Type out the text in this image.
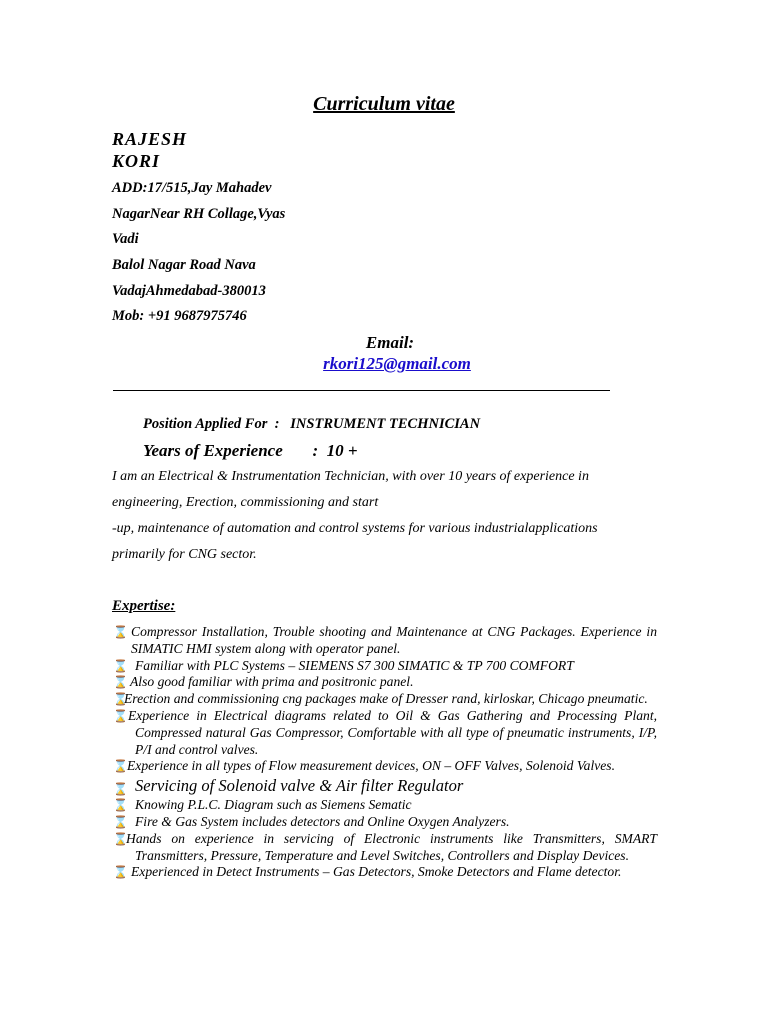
Curriculum vitae
RAJESH
KORI
ADD:17/515,Jay Mahadev
NagarNear RH Collage,Vyas
Vadi
Balol Nagar Road Nava
VadajAhmedabad-380013
Mob: +91 9687975746
Email:
rkori125@gmail.com
Position Applied For  :   INSTRUMENT TECHNICIAN
Years of Experience       :  10 +
I am an Electrical & Instrumentation Technician, with over 10 years of experience in
engineering, Erection, commissioning and start
-up, maintenance of automation and control systems for various industrialapplications
primarily for CNG sector.
Expertise:
⌛ Compressor Installation, Trouble shooting and Maintenance at CNG Packages. Experience in SIMATIC HMI system along with operator panel.
⌛ Familiar with PLC Systems – SIEMENS S7 300 SIMATIC & TP 700 COMFORT
⌛ Also good familiar with prima and positronic panel.
⌛
Erection and commissioning cng packages make of Dresser rand, kirloskar, Chicago pneumatic.
⌛ Experience in Electrical diagrams related to Oil & Gas Gathering and Processing Plant, Compressed natural Gas Compressor, Comfortable with all type of pneumatic instruments, I/P, P/I and control valves.
⌛ Experience in all types of Flow measurement devices, ON – OFF Valves, Solenoid Valves.
⌛ Servicing of Solenoid valve & Air filter Regulator
⌛ Knowing P.L.C. Diagram such as Siemens Sematic
⌛ Fire & Gas System includes detectors and Online Oxygen Analyzers.
⌛
Hands on experience in servicing of Electronic instruments like Transmitters, SMART Transmitters, Pressure, Temperature and Level Switches, Controllers and Display Devices.
⌛ Experienced in Detect Instruments – Gas Detectors, Smoke Detectors and Flame detector.
